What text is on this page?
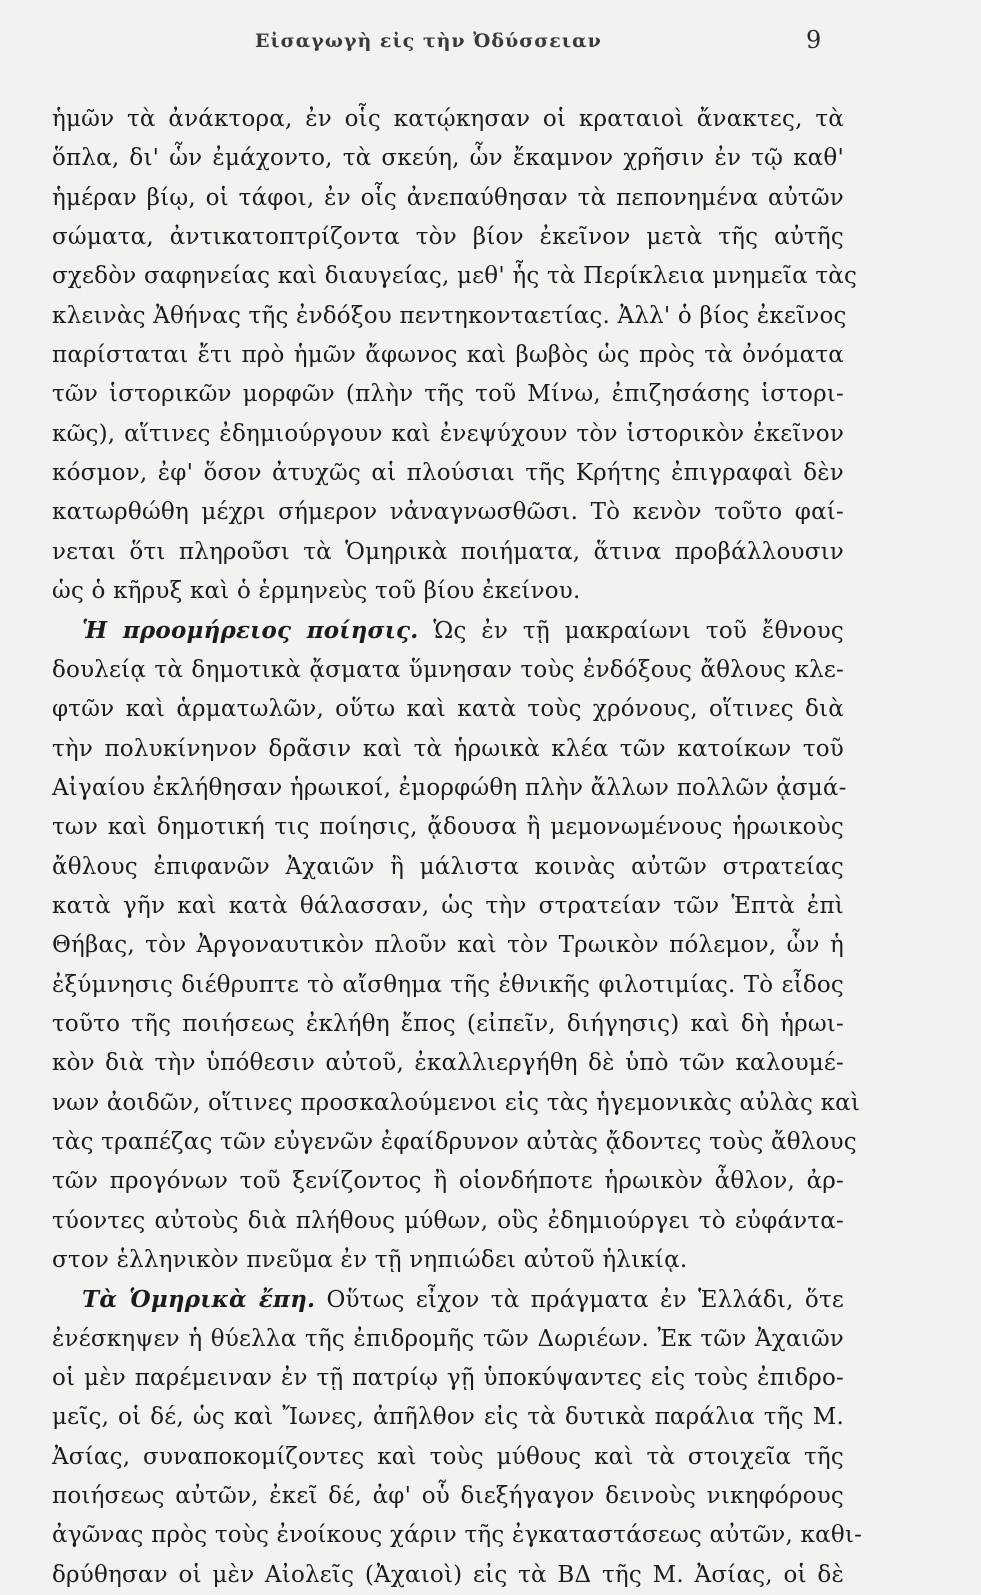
Εἰσαγωγὴ εἰς τὴν Ὀδύσσειαν	9
ἡμῶν τὰ ἀνάκτορα, ἐν οἷς κατῴκησαν οἱ κραταιοὶ ἄνακτες, τὰ
ὅπλα, δι' ὧν ἐμάχοντο, τὰ σκεύη, ὧν ἔκαμνον χρῆσιν ἐν τῷ καθ'
ἡμέραν βίῳ, οἱ τάφοι, ἐν οἷς ἀνεπαύθησαν τὰ πεπονημένα αὐτῶν
σώματα, ἀντικατοπτρίζοντα τὸν βίον ἐκεῖνον μετὰ τῆς αὐτῆς
σχεδὸν σαφηνείας καὶ διαυγείας, μεθ' ἧς τὰ Περίκλεια μνημεῖα τὰς
κλεινὰς Ἀθήνας τῆς ἐνδόξου πεντηκονταετίας. Ἀλλ' ὁ βίος ἐκεῖνος
παρίσταται ἔτι πρὸ ἡμῶν ἄφωνος καὶ βωβὸς ὡς πρὸς τὰ ὀνόματα
τῶν ἱστορικῶν μορφῶν (πλὴν τῆς τοῦ Μίνω, ἐπιζησάσης ἱστορι-
κῶς), αἵτινες ἐδημιούργουν καὶ ἐνεψύχουν τὸν ἱστορικὸν ἐκεῖνον
κόσμον, ἐφ' ὅσον ἀτυχῶς αἱ πλούσιαι τῆς Κρήτης ἐπιγραφαὶ δὲν
κατωρθώθη μέχρι σήμερον νἀναγνωσθῶσι. Τὸ κενὸν τοῦτο φαί-
νεται ὅτι πληροῦσι τὰ Ὁμηρικὰ ποιήματα, ἅτινα προβάλλουσιν
ὡς ὁ κῆρυξ καὶ ὁ ἑρμηνεὺς τοῦ βίου ἐκείνου.
Ἡ προομήρειος ποίησις. Ὡς ἐν τῇ μακραίωνι τοῦ ἔθνους
δουλείᾳ τὰ δημοτικὰ ᾄσματα ὕμνησαν τοὺς ἐνδόξους ἄθλους κλε-
φτῶν καὶ ἁρματωλῶν, οὕτω καὶ κατὰ τοὺς χρόνους, οἵτινες διὰ
τὴν πολυκίνηνον δρᾶσιν καὶ τὰ ἡρωικὰ κλέα τῶν κατοίκων τοῦ
Αἰγαίου ἐκλήθησαν ἡρωικοί, ἐμορφώθη πλὴν ἄλλων πολλῶν ᾀσμά-
των καὶ δημοτική τις ποίησις, ᾄδουσα ἢ μεμονωμένους ἡρωικοὺς
ἄθλους ἐπιφανῶν Ἀχαιῶν ἢ μάλιστα κοινὰς αὐτῶν στρατείας
κατὰ γῆν καὶ κατὰ θάλασσαν, ὡς τὴν στρατείαν τῶν Ἑπτὰ ἐπὶ
Θήβας, τὸν Ἀργοναυτικὸν πλοῦν καὶ τὸν Τρωικὸν πόλεμον, ὧν ἡ
ἐξύμνησις διέθρυπτε τὸ αἴσθημα τῆς ἐθνικῆς φιλοτιμίας. Τὸ εἶδος
τοῦτο τῆς ποιήσεως ἐκλήθη ἔπος (εἰπεῖν, διήγησις) καὶ δὴ ἡρωι-
κὸν διὰ τὴν ὑπόθεσιν αὐτοῦ, ἐκαλλιεργήθη δὲ ὑπὸ τῶν καλουμέ-
νων ἀοιδῶν, οἵτινες προσκαλούμενοι εἰς τὰς ἡγεμονικὰς αὐλὰς καὶ
τὰς τραπέζας τῶν εὐγενῶν ἐφαίδρυνον αὐτὰς ᾄδοντες τοὺς ἄθλους
τῶν προγόνων τοῦ ξενίζοντος ἢ οἱονδήποτε ἡρωικὸν ἆθλον, ἀρ-
τύοντες αὐτοὺς διὰ πλήθους μύθων, οὓς ἐδημιούργει τὸ εὐφάντα-
στον ἑλληνικὸν πνεῦμα ἐν τῇ νηπιώδει αὐτοῦ ἡλικίᾳ.
Τὰ Ὁμηρικὰ ἔπη. Οὕτως εἶχον τὰ πράγματα ἐν Ἑλλάδι, ὅτε
ἐνέσκηψεν ἡ θύελλα τῆς ἐπιδρομῆς τῶν Δωριέων. Ἐκ τῶν Ἀχαιῶν
οἱ μὲν παρέμειναν ἐν τῇ πατρίῳ γῇ ὑποκύψαντες εἰς τοὺς ἐπιδρο-
μεῖς, οἱ δέ, ὡς καὶ Ἴωνες, ἀπῆλθον εἰς τὰ δυτικὰ παράλια τῆς Μ.
Ἀσίας, συναποκομίζοντες καὶ τοὺς μύθους καὶ τὰ στοιχεῖα τῆς
ποιήσεως αὐτῶν, ἐκεῖ δέ, ἀφ' οὗ διεξήγαγον δεινοὺς νικηφόρους
ἀγῶνας πρὸς τοὺς ἐνοίκους χάριν τῆς ἐγκαταστάσεως αὐτῶν, καθι-
δρύθησαν οἱ μὲν Αἰολεῖς (Ἀχαιοὶ) εἰς τὰ ΒΔ τῆς Μ. Ἀσίας, οἱ δὲ
